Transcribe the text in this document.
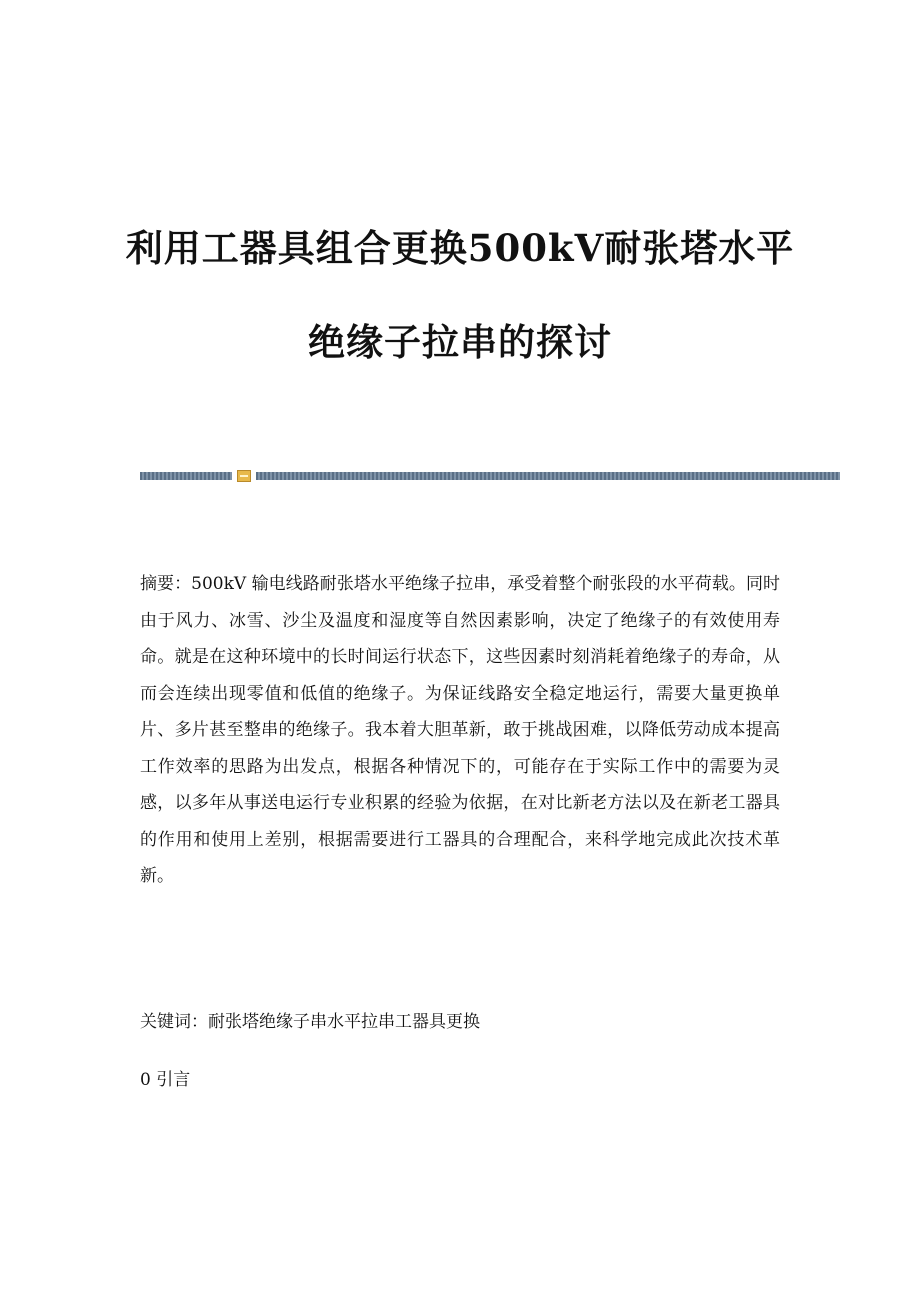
利用工器具组合更换500kV耐张塔水平
绝缘子拉串的探讨

摘要：500kV 输电线路耐张塔水平绝缘子拉串，承受着整个耐张段的水平荷载。同时由于风力、冰雪、沙尘及温度和湿度等自然因素影响，决定了绝缘子的有效使用寿命。就是在这种环境中的长时间运行状态下，这些因素时刻消耗着绝缘子的寿命，从而会连续出现零值和低值的绝缘子。为保证线路安全稳定地运行，需要大量更换单片、多片甚至整串的绝缘子。我本着大胆革新，敢于挑战困难，以降低劳动成本提高工作效率的思路为出发点，根据各种情况下的，可能存在于实际工作中的需要为灵感，以多年从事送电运行专业积累的经验为依据，在对比新老方法以及在新老工器具的作用和使用上差别，根据需要进行工器具的合理配合，来科学地完成此次技术革新。

关键词：耐张塔绝缘子串水平拉串工器具更换

0 引言
